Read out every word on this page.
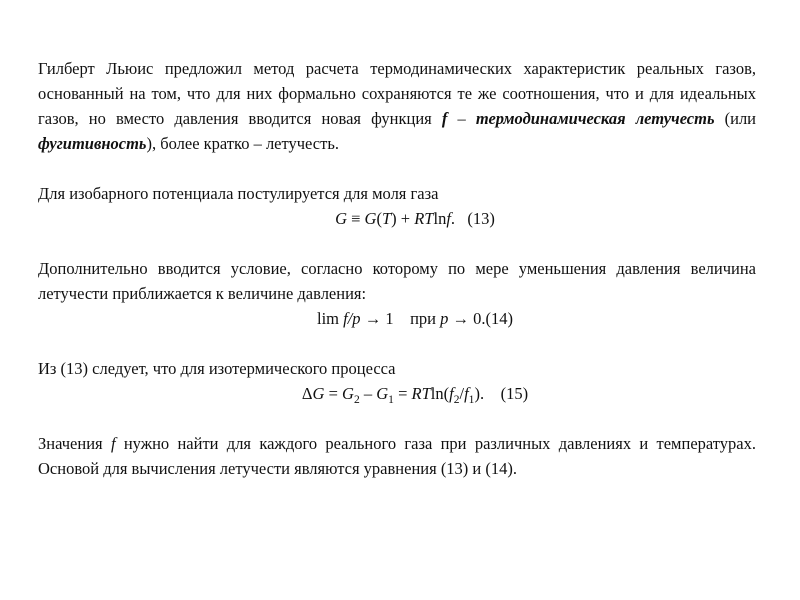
Гилберт Льюис предложил метод расчета термодинамических характеристик реальных газов, основанный на том, что для них формально сохраняются те же соотношения, что и для идеальных газов, но вместо давления вводится новая функция f – термодинамическая летучесть (или фугитивность), более кратко – летучесть.

Для изобарного потенциала постулируется для моля газа

G ≡ G(T) + RTlnf. (13)

Дополнительно вводится условие, согласно которому по мере уменьшения давления величина летучести приближается к величине давления:

lim f/p → 1 при p → 0.(14)

Из (13) следует, что для изотермического процесса

$\Delta G = G_2 - G_1 = RTln(f_2/f_1)$. (15)

Значения f нужно найти для каждого реального газа при различных давлениях и температурах. Основой для вычисления летучести являются уравнения (13) и (14).
